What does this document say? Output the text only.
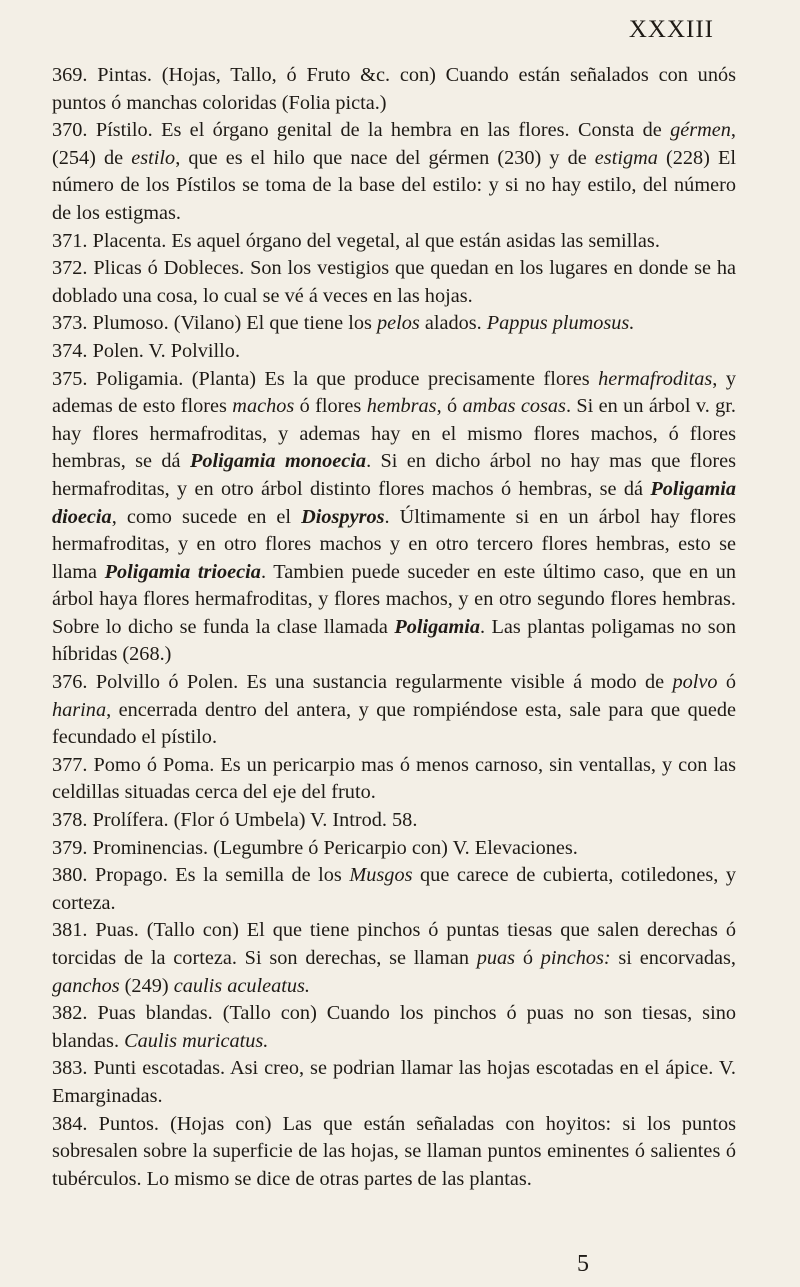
XXXIII

369. Pintas. (Hojas, Tallo, ó Fruto &c. con) Cuando están señalados con unós puntos ó manchas coloridas (Folia picta.)

370. Pístilo. Es el órgano genital de la hembra en las flores. Consta de gérmen, (254) de estilo, que es el hilo que nace del gérmen (230) y de estigma (228) El número de los Pístilos se toma de la base del estilo: y si no hay estilo, del número de los estigmas.

371. Placenta. Es aquel órgano del vegetal, al que están asidas las semillas.

372. Plicas ó Dobleces. Son los vestigios que quedan en los lugares en donde se ha doblado una cosa, lo cual se vé á veces en las hojas.

373. Plumoso. (Vilano) El que tiene los pelos alados. Pappus plumosus.

374. Polen. V. Polvillo.

375. Poligamia. (Planta) Es la que produce precisamente flores hermafroditas, y ademas de esto flores machos ó flores hembras, ó ambas cosas. Si en un árbol v. gr. hay flores hermafroditas, y ademas hay en el mismo flores machos, ó flores hembras, se dá Poligamia monoecia. Si en dicho árbol no hay mas que flores hermafroditas, y en otro árbol distinto flores machos ó hembras, se dá Poligamia dioecia, como sucede en el Diospyros. Últimamente si en un árbol hay flores hermafroditas, y en otro flores machos y en otro tercero flores hembras, esto se llama Poligamia trioecia. Tambien puede suceder en este último caso, que en un árbol haya flores hermafroditas, y flores machos, y en otro segundo flores hembras. Sobre lo dicho se funda la clase llamada Poligamia. Las plantas poligamas no son híbridas (268.)

376. Polvillo ó Polen. Es una sustancia regularmente visible á modo de polvo ó harina, encerrada dentro del antera, y que rompiéndose esta, sale para que quede fecundado el pístilo.

377. Pomo ó Poma. Es un pericarpio mas ó menos carnoso, sin ventallas, y con las celdillas situadas cerca del eje del fruto.

378. Prolífera. (Flor ó Umbela) V. Introd. 58.

379. Prominencias. (Legumbre ó Pericarpio con) V. Elevaciones.

380. Propago. Es la semilla de los Musgos que carece de cubierta, cotiledones, y corteza.

381. Puas. (Tallo con) El que tiene pinchos ó puntas tiesas que salen derechas ó torcidas de la corteza. Si son derechas, se llaman puas ó pinchos: si encorvadas, ganchos (249) caulis aculeatus.

382. Puas blandas. (Tallo con) Cuando los pinchos ó puas no son tiesas, sino blandas. Caulis muricatus.

383. Punti escotadas. Asi creo, se podrian llamar las hojas escotadas en el ápice. V. Emarginadas.

384. Puntos. (Hojas con) Las que están señaladas con hoyitos: si los puntos sobresalen sobre la superficie de las hojas, se llaman puntos eminentes ó salientes ó tubérculos. Lo mismo se dice de otras partes de las plantas.

5
